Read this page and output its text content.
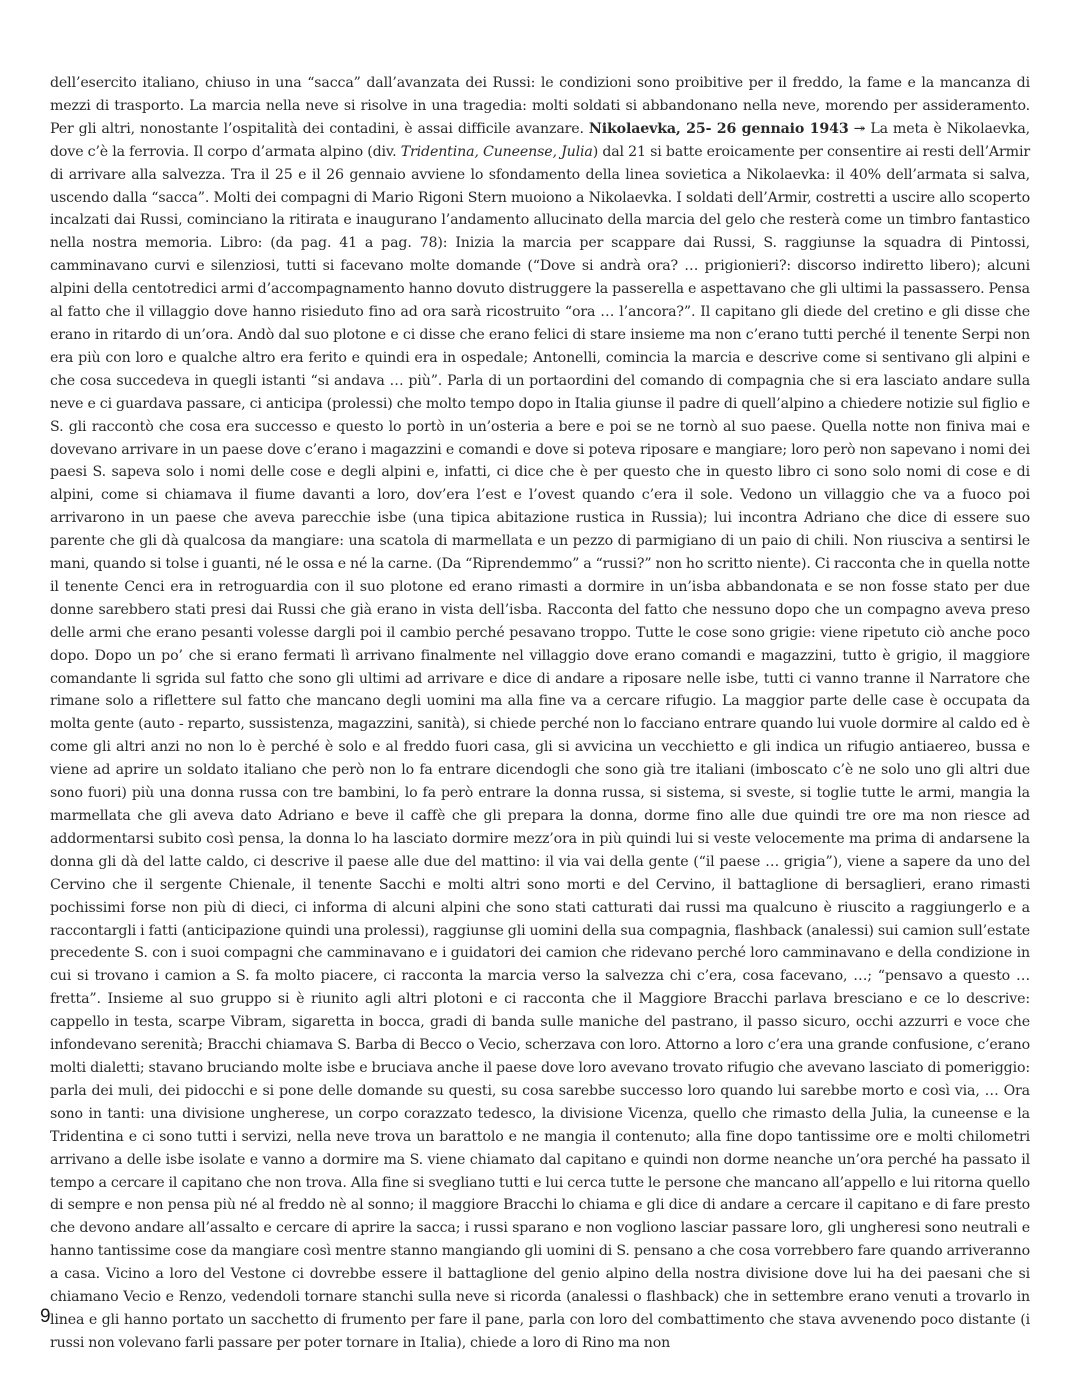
dell’esercito italiano, chiuso in una “sacca” dall’avanzata dei Russi: le condizioni sono proibitive per il freddo, la fame e la mancanza di mezzi di trasporto. La marcia nella neve si risolve in una tragedia: molti soldati si abbandonano nella neve, morendo per assideramento. Per gli altri, nonostante l’ospitalità dei contadini, è assai difficile avanzare. Nikolaevka, 25- 26 gennaio 1943 ↠ La meta è Nikolaevka, dove c’è la ferrovia. Il corpo d’armata alpino (div. Tridentina, Cuneense, Julia) dal 21 si batte eroicamente per consentire ai resti dell’Armir di arrivare alla salvezza. Tra il 25 e il 26 gennaio avviene lo sfondamento della linea sovietica a Nikolaevka: il 40% dell’armata si salva, uscendo dalla “sacca”. Molti dei compagni di Mario Rigoni Stern muoiono a Nikolaevka. I soldati dell’Armir, costretti a uscire allo scoperto incalzati dai Russi, cominciano la ritirata e inaugurano l’andamento allucinato della marcia del gelo che resterà come un timbro fantastico nella nostra memoria. Libro: (da pag. 41 a pag. 78): Inizia la marcia per scappare dai Russi, S. raggiunse la squadra di Pintossi, camminavano curvi e silenziosi, tutti si facevano molte domande (“Dove si andrà ora? … prigionieri?: discorso indiretto libero); alcuni alpini della centotredici armi d’accompagnamento hanno dovuto distruggere la passerella e aspettavano che gli ultimi la passassero. Pensa al fatto che il villaggio dove hanno risieduto fino ad ora sarà ricostruito “ora … l’ancora?”. Il capitano gli diede del cretino e gli disse che erano in ritardo di un’ora. Andò dal suo plotone e ci disse che erano felici di stare insieme ma non c’erano tutti perché il tenente Serpi non era più con loro e qualche altro era ferito e quindi era in ospedale; Antonelli, comincia la marcia e descrive come si sentivano gli alpini e che cosa succedeva in quegli istanti “si andava … più”. Parla di un portaordini del comando di compagnia che si era lasciato andare sulla neve e ci guardava passare, ci anticipa (prolessi) che molto tempo dopo in Italia giunse il padre di quell’alpino a chiedere notizie sul figlio e S. gli raccontò che cosa era successo e questo lo portò in un’osteria a bere e poi se ne tornò al suo paese. Quella notte non finiva mai e dovevano arrivare in un paese dove c’erano i magazzini e comandi e dove si poteva riposare e mangiare; loro però non sapevano i nomi dei paesi S. sapeva solo i nomi delle cose e degli alpini e, infatti, ci dice che è per questo che in questo libro ci sono solo nomi di cose e di alpini, come si chiamava il fiume davanti a loro, dov’era l’est e l’ovest quando c’era il sole. Vedono un villaggio che va a fuoco poi arrivarono in un paese che aveva parecchie isbe (una tipica abitazione rustica in Russia); lui incontra Adriano che dice di essere suo parente che gli dà qualcosa da mangiare: una scatola di marmellata e un pezzo di parmigiano di un paio di chili. Non riusciva a sentirsi le mani, quando si tolse i guanti, né le ossa e né la carne. (Da “Riprendemmo” a “russi?” non ho scritto niente). Ci racconta che in quella notte il tenente Cenci era in retroguardia con il suo plotone ed erano rimasti a dormire in un’isba abbandonata e se non fosse stato per due donne sarebbero stati presi dai Russi che già erano in vista dell’isba. Racconta del fatto che nessuno dopo che un compagno aveva preso delle armi che erano pesanti volesse dargli poi il cambio perché pesavano troppo. Tutte le cose sono grigie: viene ripetuto ciò anche poco dopo. Dopo un po’ che si erano fermati lì arrivano finalmente nel villaggio dove erano comandi e magazzini, tutto è grigio, il maggiore comandante li sgrida sul fatto che sono gli ultimi ad arrivare e dice di andare a riposare nelle isbe, tutti ci vanno tranne il Narratore che rimane solo a riflettere sul fatto che mancano degli uomini ma alla fine va a cercare rifugio. La maggior parte delle case è occupata da molta gente (auto - reparto, sussistenza, magazzini, sanità), si chiede perché non lo facciano entrare quando lui vuole dormire al caldo ed è come gli altri anzi no non lo è perché è solo e al freddo fuori casa, gli si avvicina un vecchietto e gli indica un rifugio antiaereo, bussa e viene ad aprire un soldato italiano che però non lo fa entrare dicendogli che sono già tre italiani (imboscato c’è ne solo uno gli altri due sono fuori) più una donna russa con tre bambini, lo fa però entrare la donna russa, si sistema, si sveste, si toglie tutte le armi, mangia la marmellata che gli aveva dato Adriano e beve il caffè che gli prepara la donna, dorme fino alle due quindi tre ore ma non riesce ad addormentarsi subito così pensa, la donna lo ha lasciato dormire mezz’ora in più quindi lui si veste velocemente ma prima di andarsene la donna gli dà del latte caldo, ci descrive il paese alle due del mattino: il via vai della gente (“il paese … grigia”), viene a sapere da uno del Cervino che il sergente Chienale, il tenente Sacchi e molti altri sono morti e del Cervino, il battaglione di bersaglieri, erano rimasti pochissimi forse non più di dieci, ci informa di alcuni alpini che sono stati catturati dai russi ma qualcuno è riuscito a raggiungerlo e a raccontargli i fatti (anticipazione quindi una prolessi), raggiunse gli uomini della sua compagnia, flashback (analessi) sui camion sull’estate precedente S. con i suoi compagni che camminavano e i guidatori dei camion che ridevano perché loro camminavano e della condizione in cui si trovano i camion a S. fa molto piacere, ci racconta la marcia verso la salvezza chi c’era, cosa facevano, …; “pensavo a questo … fretta”. Insieme al suo gruppo si è riunito agli altri plotoni e ci racconta che il Maggiore Bracchi parlava bresciano e ce lo descrive: cappello in testa, scarpe Vibram, sigaretta in bocca, gradi di banda sulle maniche del pastrano, il passo sicuro, occhi azzurri e voce che infondevano serenità; Bracchi chiamava S. Barba di Becco o Vecio, scherzava con loro. Attorno a loro c’era una grande confusione, c’erano molti dialetti; stavano bruciando molte isbe e bruciava anche il paese dove loro avevano trovato rifugio che avevano lasciato di pomeriggio: parla dei muli, dei pidocchi e si pone delle domande su questi, su cosa sarebbe successo loro quando lui sarebbe morto e così via, … Ora sono in tanti: una divisione ungherese, un corpo corazzato tedesco, la divisione Vicenza, quello che rimasto della Julia, la cuneense e la Tridentina e ci sono tutti i servizi, nella neve trova un barattolo e ne mangia il contenuto; alla fine dopo tantissime ore e molti chilometri arrivano a delle isbe isolate e vanno a dormire ma S. viene chiamato dal capitano e quindi non dorme neanche un’ora perché ha passato il tempo a cercare il capitano che non trova. Alla fine si svegliano tutti e lui cerca tutte le persone che mancano all’appello e lui ritorna quello di sempre e non pensa più né al freddo nè al sonno; il maggiore Bracchi lo chiama e gli dice di andare a cercare il capitano e di fare presto che devono andare all’assalto e cercare di aprire la sacca; i russi sparano e non vogliono lasciar passare loro, gli ungheresi sono neutrali e hanno tantissime cose da mangiare così mentre stanno mangiando gli uomini di S. pensano a che cosa vorrebbero fare quando arriveranno a casa. Vicino a loro del Vestone ci dovrebbe essere il battaglione del genio alpino della nostra divisione dove lui ha dei paesani che si chiamano Vecio e Renzo, vedendoli tornare stanchi sulla neve si ricorda (analessi o flashback) che in settembre erano venuti a trovarlo in linea e gli hanno portato un sacchetto di frumento per fare il pane, parla con loro del combattimento che stava avvenendo poco distante (i russi non volevano farli passare per poter tornare in Italia), chiede a loro di Rino ma non

9
